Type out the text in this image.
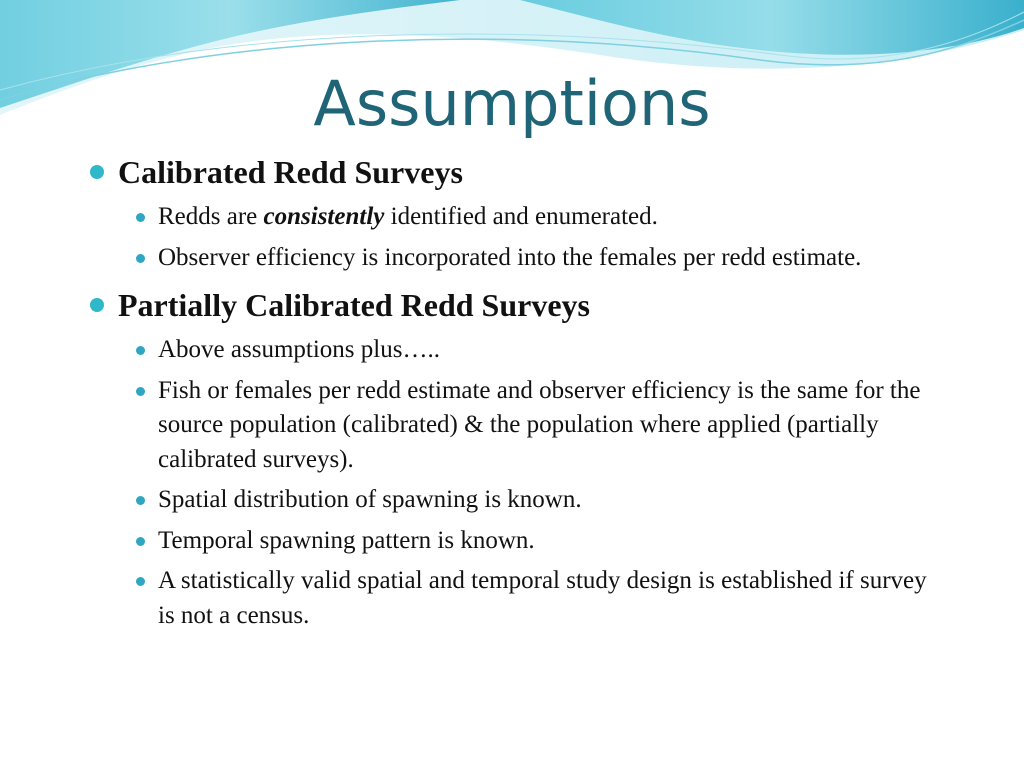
Assumptions
Calibrated Redd Surveys
Redds are consistently identified and enumerated.
Observer efficiency is incorporated into the females per redd estimate.
Partially Calibrated Redd Surveys
Above assumptions plus…..
Fish or females per redd estimate and observer efficiency is the same for the source population (calibrated) & the population where applied (partially calibrated surveys).
Spatial distribution of spawning is known.
Temporal spawning pattern is known.
A statistically valid spatial and temporal study design is established if survey is not a census.
